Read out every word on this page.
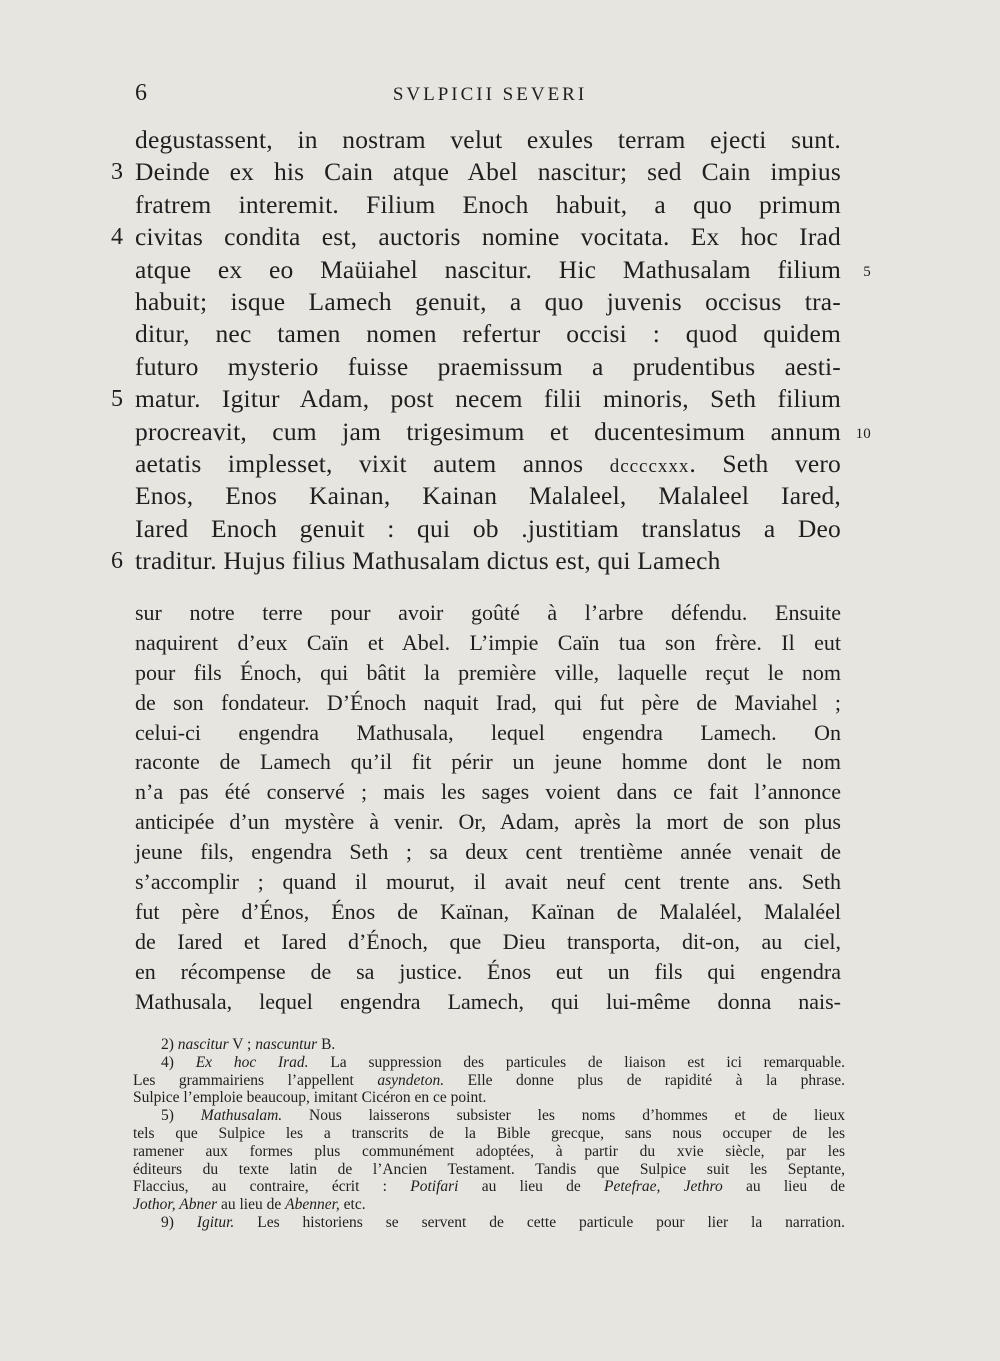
6	SVLPICII SEVERI
degustassent, in nostram velut exules terram ejecti sunt.
3 Deinde ex his Cain atque Abel nascitur; sed Cain impius
fratrem interemit. Filium Enoch habuit, a quo primum
4 civitas condita est, auctoris nomine vocitata. Ex hoc Irad
atque ex eo Maüiahel nascitur. Hic Mathusalam filium 5
habuit; isque Lamech genuit, a quo juvenis occisus tra-
ditur, nec tamen nomen refertur occisi : quod quidem
futuro mysterio fuisse praemissum a prudentibus aesti-
5 matur. Igitur Adam, post necem filii minoris, Seth filium
procreavit, cum jam trigesimum et ducentesimum annum 10
aetatis implesset, vixit autem annos dccccxxx. Seth vero
Enos, Enos Kainan, Kainan Malaleel, Malaleel Iared,
Iared Enoch genuit : qui ob .justitiam translatus a Deo
6 traditur. Hujus filius Mathusalam dictus est, qui Lamech
sur notre terre pour avoir goûté à l’arbre défendu. Ensuite
naquirent d’eux Caïn et Abel. L’impie Caïn tua son frère. Il eut
pour fils Énoch, qui bâtit la première ville, laquelle reçut le nom
de son fondateur. D’Énoch naquit Irad, qui fut père de Maviahel ;
celui-ci engendra Mathusala, lequel engendra Lamech. On
raconte de Lamech qu’il fit périr un jeune homme dont le nom
n’a pas été conservé ; mais les sages voient dans ce fait l’annonce
anticipée d’un mystère à venir. Or, Adam, après la mort de son plus
jeune fils, engendra Seth ; sa deux cent trentième année venait de
s’accomplir ; quand il mourut, il avait neuf cent trente ans. Seth
fut père d’Énos, Énos de Kaïnan, Kaïnan de Malaléel, Malaléel
de Iared et Iared d’Énoch, que Dieu transporta, dit-on, au ciel,
en récompense de sa justice. Énos eut un fils qui engendra
Mathusala, lequel engendra Lamech, qui lui-même donna nais-
2) nascitur V ; nascuntur B.
4) Ex hoc Irad. La suppression des particules de liaison est ici remarquable.
Les grammairiens l’appellent asyndeton. Elle donne plus de rapidité à la phrase.
Sulpice l’emploie beaucoup, imitant Cicéron en ce point.
5) Mathusalam. Nous laisserons subsister les noms d’hommes et de lieux
tels que Sulpice les a transcrits de la Bible grecque, sans nous occuper de les
ramener aux formes plus communément adoptées, à partir du xvie siècle, par les
éditeurs du texte latin de l’Ancien Testament. Tandis que Sulpice suit les Septante,
Flaccius, au contraire, écrit : Potifari au lieu de Petefrae, Jethro au lieu de
Jothor, Abner au lieu de Abenner, etc.
9) Igitur. Les historiens se servent de cette particule pour lier la narration.
